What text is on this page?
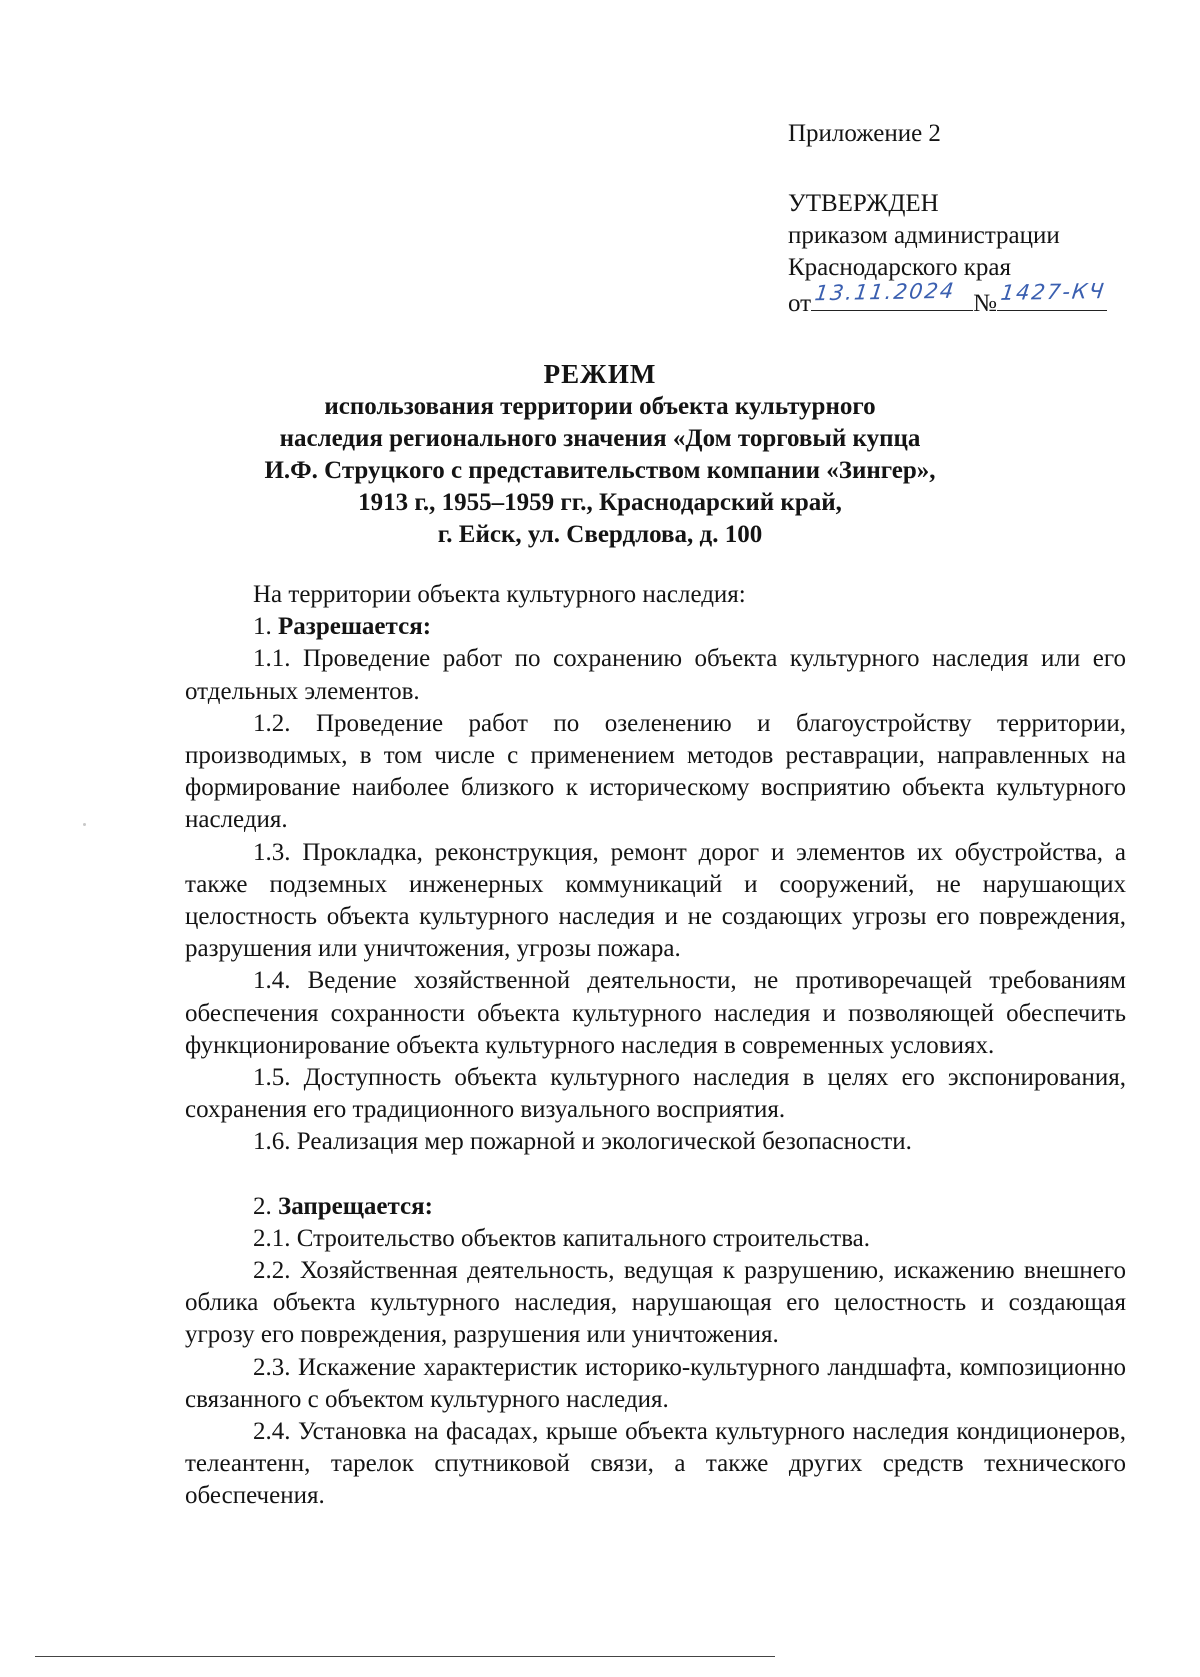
Приложение 2
УТВЕРЖДЕН
приказом администрации
Краснодарского края
от 13.11.2024 № 1427-КЧ
РЕЖИМ
использования территории объекта культурного
наследия регионального значения «Дом торговый купца
И.Ф. Струцкого с представительством компании «Зингер»,
1913 г., 1955–1959 гг., Краснодарский край,
г. Ейск, ул. Свердлова, д. 100

На территории объекта культурного наследия:

1. Разрешается:

1.1. Проведение работ по сохранению объекта культурного наследия или его отдельных элементов.

1.2. Проведение работ по озеленению и благоустройству территории, производимых, в том числе с применением методов реставрации, направленных на формирование наиболее близкого к историческому восприятию объекта культурного наследия.

1.3. Прокладка, реконструкция, ремонт дорог и элементов их обустройства, а также подземных инженерных коммуникаций и сооружений, не нарушающих целостность объекта культурного наследия и не создающих угрозы его повреждения, разрушения или уничтожения, угрозы пожара.

1.4. Ведение хозяйственной деятельности, не противоречащей требованиям обеспечения сохранности объекта культурного наследия и позволяющей обеспечить функционирование объекта культурного наследия в современных условиях.

1.5. Доступность объекта культурного наследия в целях его экспонирования, сохранения его традиционного визуального восприятия.

1.6. Реализация мер пожарной и экологической безопасности.

2. Запрещается:

2.1. Строительство объектов капитального строительства.

2.2. Хозяйственная деятельность, ведущая к разрушению, искажению внешнего облика объекта культурного наследия, нарушающая его целостность и создающая угрозу его повреждения, разрушения или уничтожения.

2.3. Искажение характеристик историко-культурного ландшафта, композиционно связанного с объектом культурного наследия.

2.4. Установка на фасадах, крыше объекта культурного наследия кондиционеров, телеантенн, тарелок спутниковой связи, а также других средств технического обеспечения.
